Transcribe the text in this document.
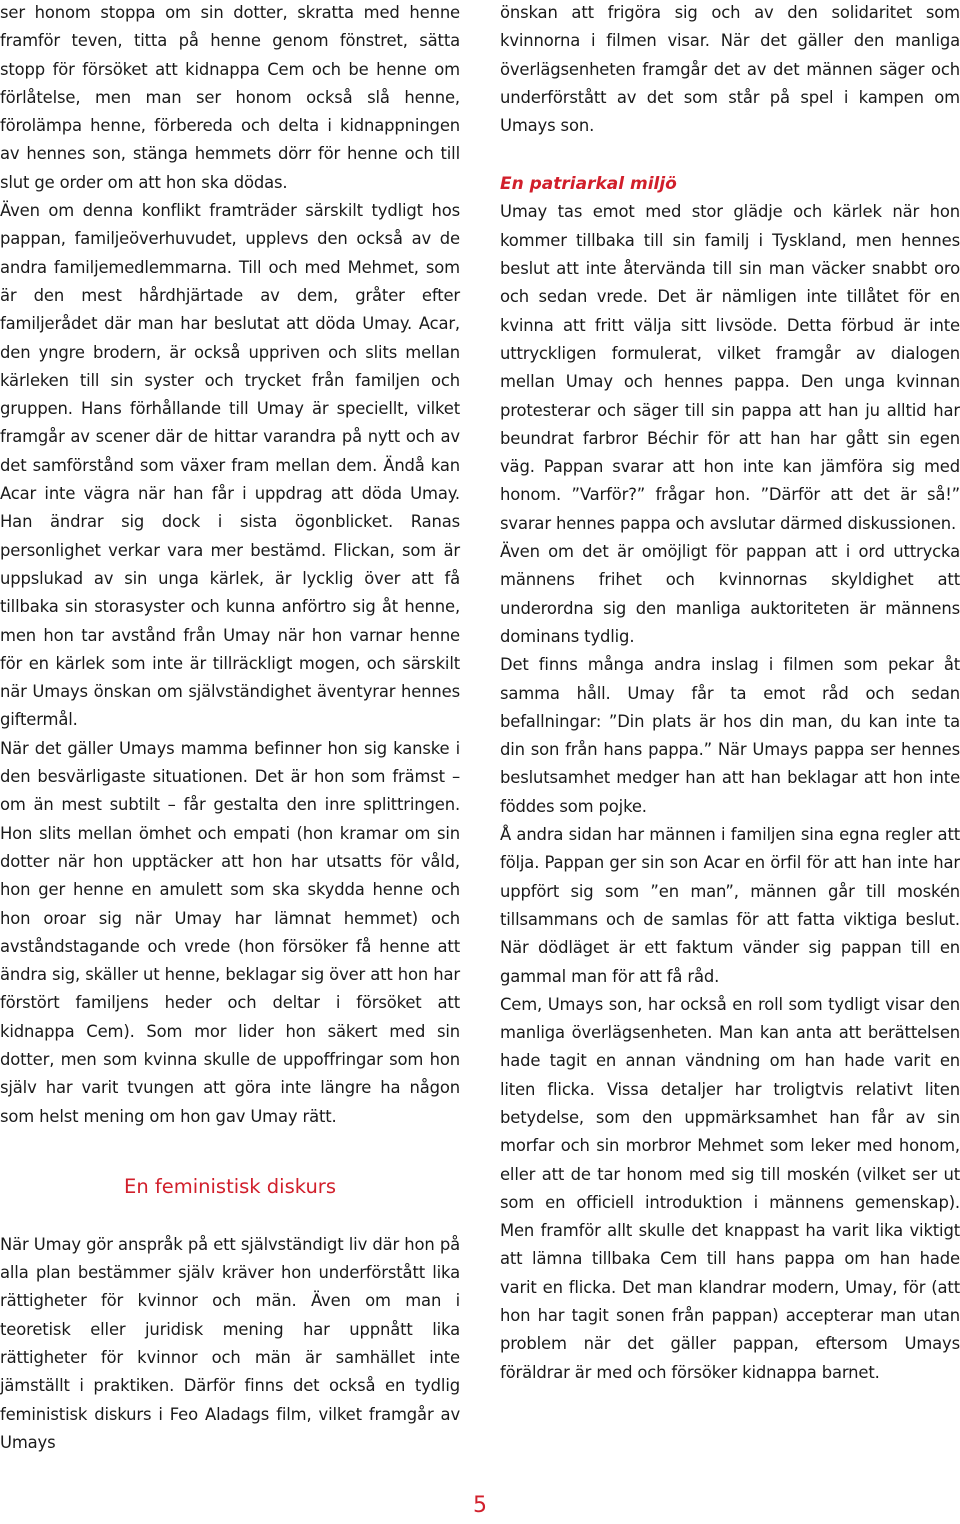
ser honom stoppa om sin dotter, skratta med henne framför teven, titta på henne genom fönstret, sätta stopp för försöket att kidnappa Cem och be henne om förlåtelse, men man ser honom också slå henne, förolämpa henne, förbereda och delta i kidnappningen av hennes son, stänga hemmets dörr för henne och till slut ge order om att hon ska dödas.

Även om denna konflikt framträder särskilt tydligt hos pappan, familjeöverhuvudet, upplevs den också av de andra familjemedlemmarna. Till och med Mehmet, som är den mest hårdhjärtade av dem, gråter efter familjerådet där man har beslutat att döda Umay. Acar, den yngre brodern, är också uppriven och slits mellan kärleken till sin syster och trycket från familjen och gruppen. Hans förhållande till Umay är speciellt, vilket framgår av scener där de hittar varandra på nytt och av det samförstånd som växer fram mellan dem. Ändå kan Acar inte vägra när han får i uppdrag att döda Umay. Han ändrar sig dock i sista ögonblicket. Ranas personlighet verkar vara mer bestämd. Flickan, som är uppslukad av sin unga kärlek, är lycklig över att få tillbaka sin storasyster och kunna anförtro sig åt henne, men hon tar avstånd från Umay när hon varnar henne för en kärlek som inte är tillräckligt mogen, och särskilt när Umays önskan om självständighet äventyrar hennes giftermål.

När det gäller Umays mamma befinner hon sig kanske i den besvärligaste situationen. Det är hon som främst – om än mest subtilt – får gestalta den inre splittringen. Hon slits mellan ömhet och empati (hon kramar om sin dotter när hon upptäcker att hon har utsatts för våld, hon ger henne en amulett som ska skydda henne och hon oroar sig när Umay har lämnat hemmet) och avståndstagande och vrede (hon försöker få henne att ändra sig, skäller ut henne, beklagar sig över att hon har förstört familjens heder och deltar i försöket att kidnappa Cem). Som mor lider hon säkert med sin dotter, men som kvinna skulle de uppoffringar som hon själv har varit tvungen att göra inte längre ha någon som helst mening om hon gav Umay rätt.

En feministisk diskurs

När Umay gör anspråk på ett självständigt liv där hon på alla plan bestämmer själv kräver hon underförstått lika rättigheter för kvinnor och män. Även om man i teoretisk eller juridisk mening har uppnått lika rättigheter för kvinnor och män är samhället inte jämställt i praktiken. Därför finns det också en tydlig feministisk diskurs i Feo Aladags film, vilket framgår av Umays

önskan att frigöra sig och av den solidaritet som kvinnorna i filmen visar. När det gäller den manliga överlägsenheten framgår det av det männen säger och underförstått av det som står på spel i kampen om Umays son.

En patriarkal miljö

Umay tas emot med stor glädje och kärlek när hon kommer tillbaka till sin familj i Tyskland, men hennes beslut att inte återvända till sin man väcker snabbt oro och sedan vrede. Det är nämligen inte tillåtet för en kvinna att fritt välja sitt livsöde. Detta förbud är inte uttryckligen formulerat, vilket framgår av dialogen mellan Umay och hennes pappa. Den unga kvinnan protesterar och säger till sin pappa att han ju alltid har beundrat farbror Béchir för att han har gått sin egen väg. Pappan svarar att hon inte kan jämföra sig med honom. ”Varför?” frågar hon. ”Därför att det är så!” svarar hennes pappa och avslutar därmed diskussionen.

Även om det är omöjligt för pappan att i ord uttrycka männens frihet och kvinnornas skyldighet att underordna sig den manliga auktoriteten är männens dominans tydlig.

Det finns många andra inslag i filmen som pekar åt samma håll. Umay får ta emot råd och sedan befallningar: ”Din plats är hos din man, du kan inte ta din son från hans pappa.” När Umays pappa ser hennes beslutsamhet medger han att han beklagar att hon inte föddes som pojke.

Å andra sidan har männen i familjen sina egna regler att följa. Pappan ger sin son Acar en örfil för att han inte har uppfört sig som ”en man”, männen går till moskén tillsammans och de samlas för att fatta viktiga beslut. När dödläget är ett faktum vänder sig pappan till en gammal man för att få råd.

Cem, Umays son, har också en roll som tydligt visar den manliga överlägsenheten. Man kan anta att berättelsen hade tagit en annan vändning om han hade varit en liten flicka. Vissa detaljer har troligtvis relativt liten betydelse, som den uppmärksamhet han får av sin morfar och sin morbror Mehmet som leker med honom, eller att de tar honom med sig till moskén (vilket ser ut som en officiell introduktion i männens gemenskap). Men framför allt skulle det knappast ha varit lika viktigt att lämna tillbaka Cem till hans pappa om han hade varit en flicka. Det man klandrar modern, Umay, för (att hon har tagit sonen från pappan) accepterar man utan problem när det gäller pappan, eftersom Umays föräldrar är med och försöker kidnappa barnet.

5
